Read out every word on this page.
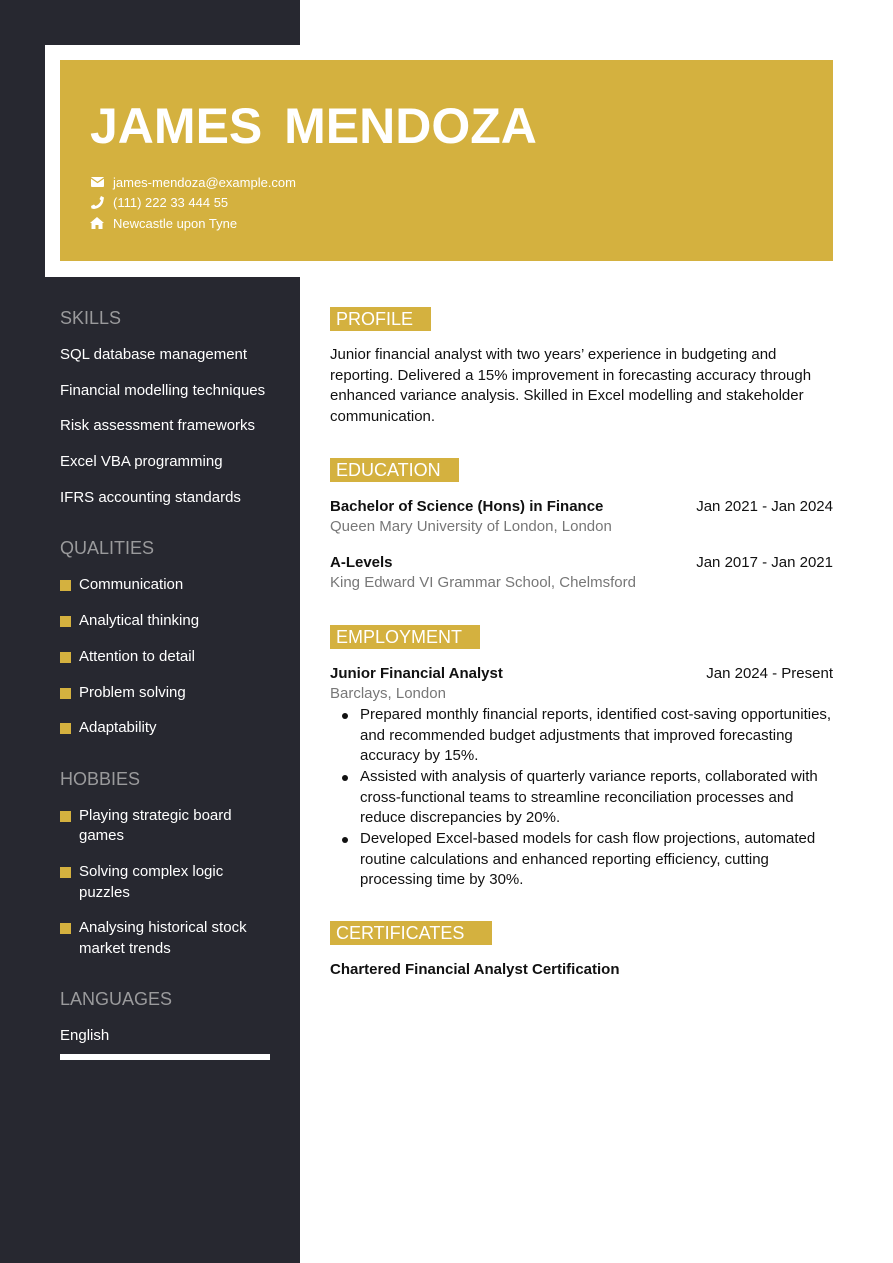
JAMES MENDOZA
james-mendoza@example.com
(111) 222 33 444 55
Newcastle upon Tyne
SKILLS
SQL database management
Financial modelling techniques
Risk assessment frameworks
Excel VBA programming
IFRS accounting standards
QUALITIES
Communication
Analytical thinking
Attention to detail
Problem solving
Adaptability
HOBBIES
Playing strategic board games
Solving complex logic puzzles
Analysing historical stock market trends
LANGUAGES
English
PROFILE
Junior financial analyst with two years’ experience in budgeting and reporting. Delivered a 15% improvement in forecasting accuracy through enhanced variance analysis. Skilled in Excel modelling and stakeholder communication.
EDUCATION
Bachelor of Science (Hons) in Finance	Jan 2021 - Jan 2024
Queen Mary University of London, London
A-Levels	Jan 2017 - Jan 2021
King Edward VI Grammar School, Chelmsford
EMPLOYMENT
Junior Financial Analyst	Jan 2024 - Present
Barclays, London
Prepared monthly financial reports, identified cost-saving opportunities, and recommended budget adjustments that improved forecasting accuracy by 15%.
Assisted with analysis of quarterly variance reports, collaborated with cross-functional teams to streamline reconciliation processes and reduce discrepancies by 20%.
Developed Excel-based models for cash flow projections, automated routine calculations and enhanced reporting efficiency, cutting processing time by 30%.
CERTIFICATES
Chartered Financial Analyst Certification
